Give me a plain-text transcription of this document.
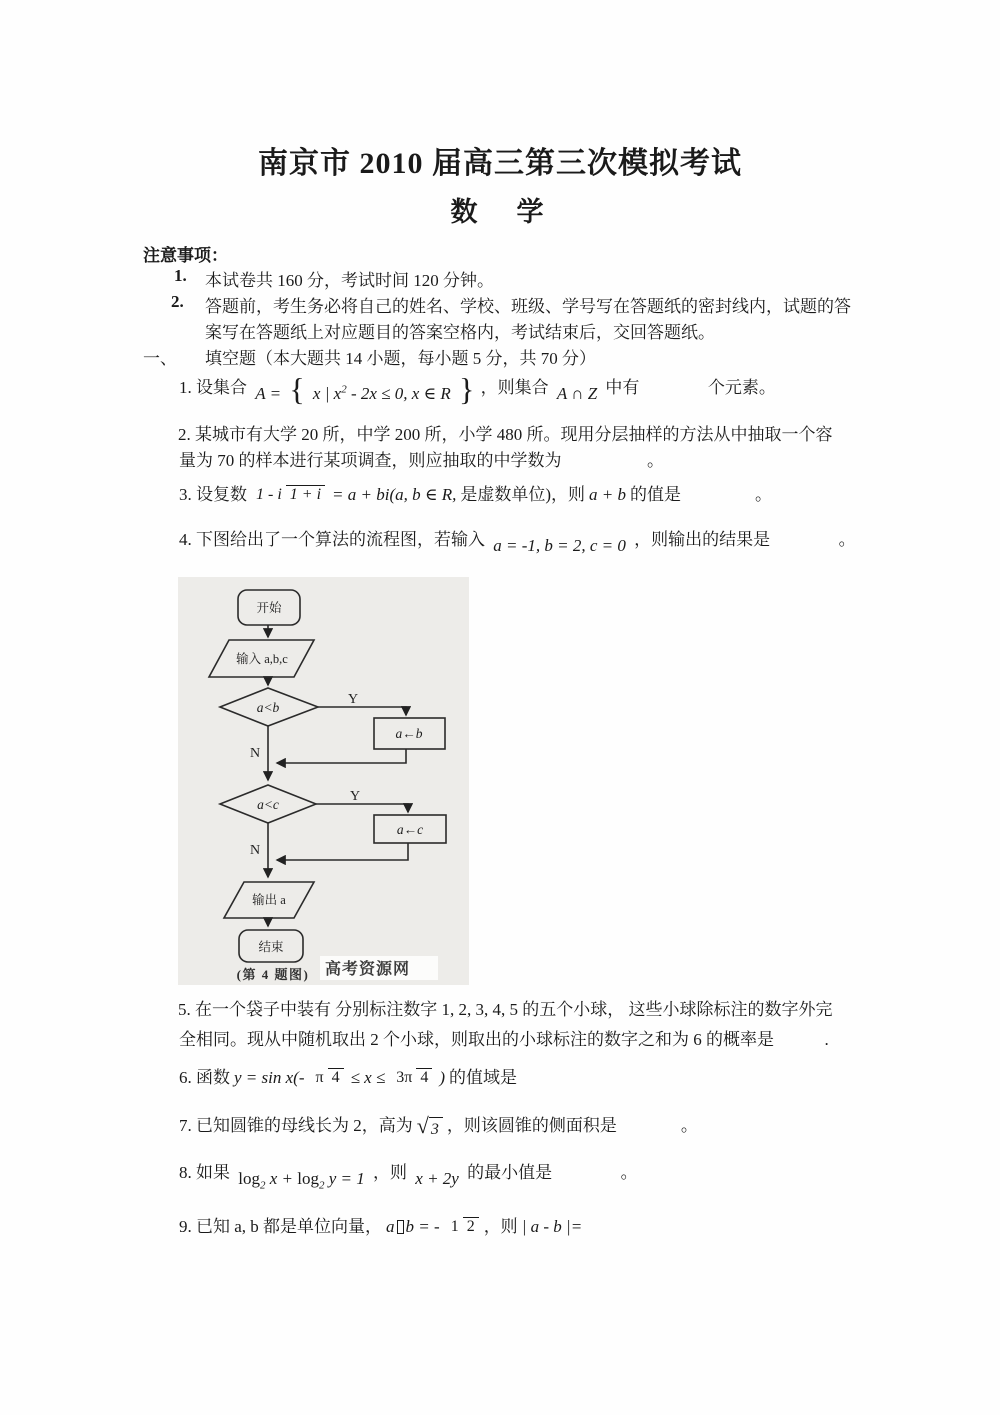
南京市 2010 届高三第三次模拟考试
数　学
注意事项：
1. 本试卷共 160 分，考试时间 120 分钟。
2. 答题前，考生务必将自己的姓名、学校、班级、学号写在答题纸的密封线内，试题的答
案写在答题纸上对应题目的答案空格内，考试结束后，交回答题纸。
一、 填空题（本大题共 14 小题，每小题 5 分，共 70 分）
1. 设集合 A = { x | $x^2 - 2x \le 0$, x ∈ R } ，则集合 A ∩ Z 中有	个元素。
2. 某城市有大学 20 所，中学 200 所，小学 480 所。现用分层抽样的方法从中抽取一个容
量为 70 的样本进行某项调查，则应抽取的中学数为	。
3. 设复数 1 - i 1 + i = a + bi(a, b ∈ R, 是虚数单位)，则 a + b 的值是	。
4. 下图给出了一个算法的流程图，若输入 a = -1, b = 2, c = 0 ，则输出的结果是	。
开始
输入 a,b,c
a<b
Y
N
a←b
a<c
Y
N
a←c
输出 a
结束
(第 4 题图) 高考资源网
5. 在一个袋子中装有 分别标注数字 1, 2, 3, 4, 5 的五个小球， 这些小球除标注的数字外完
全相同。现从中随机取出 2 个小球，则取出的小球标注的数字之和为 6 的概率是	.
6. 函数 y = sin x(- π 4 ≤ x ≤ 3π 4 ) 的值域是
7. 已知圆锥的母线长为 2，高为 √ 3 ，则该圆锥的侧面积是	。
8. 如果 $\log_2 x + \log_2 y = 1$ ，则 x + 2y 的最小值是	。
9. 已知 a, b 都是单位向量， a b = - 1 2 ，则 | a - b |=
